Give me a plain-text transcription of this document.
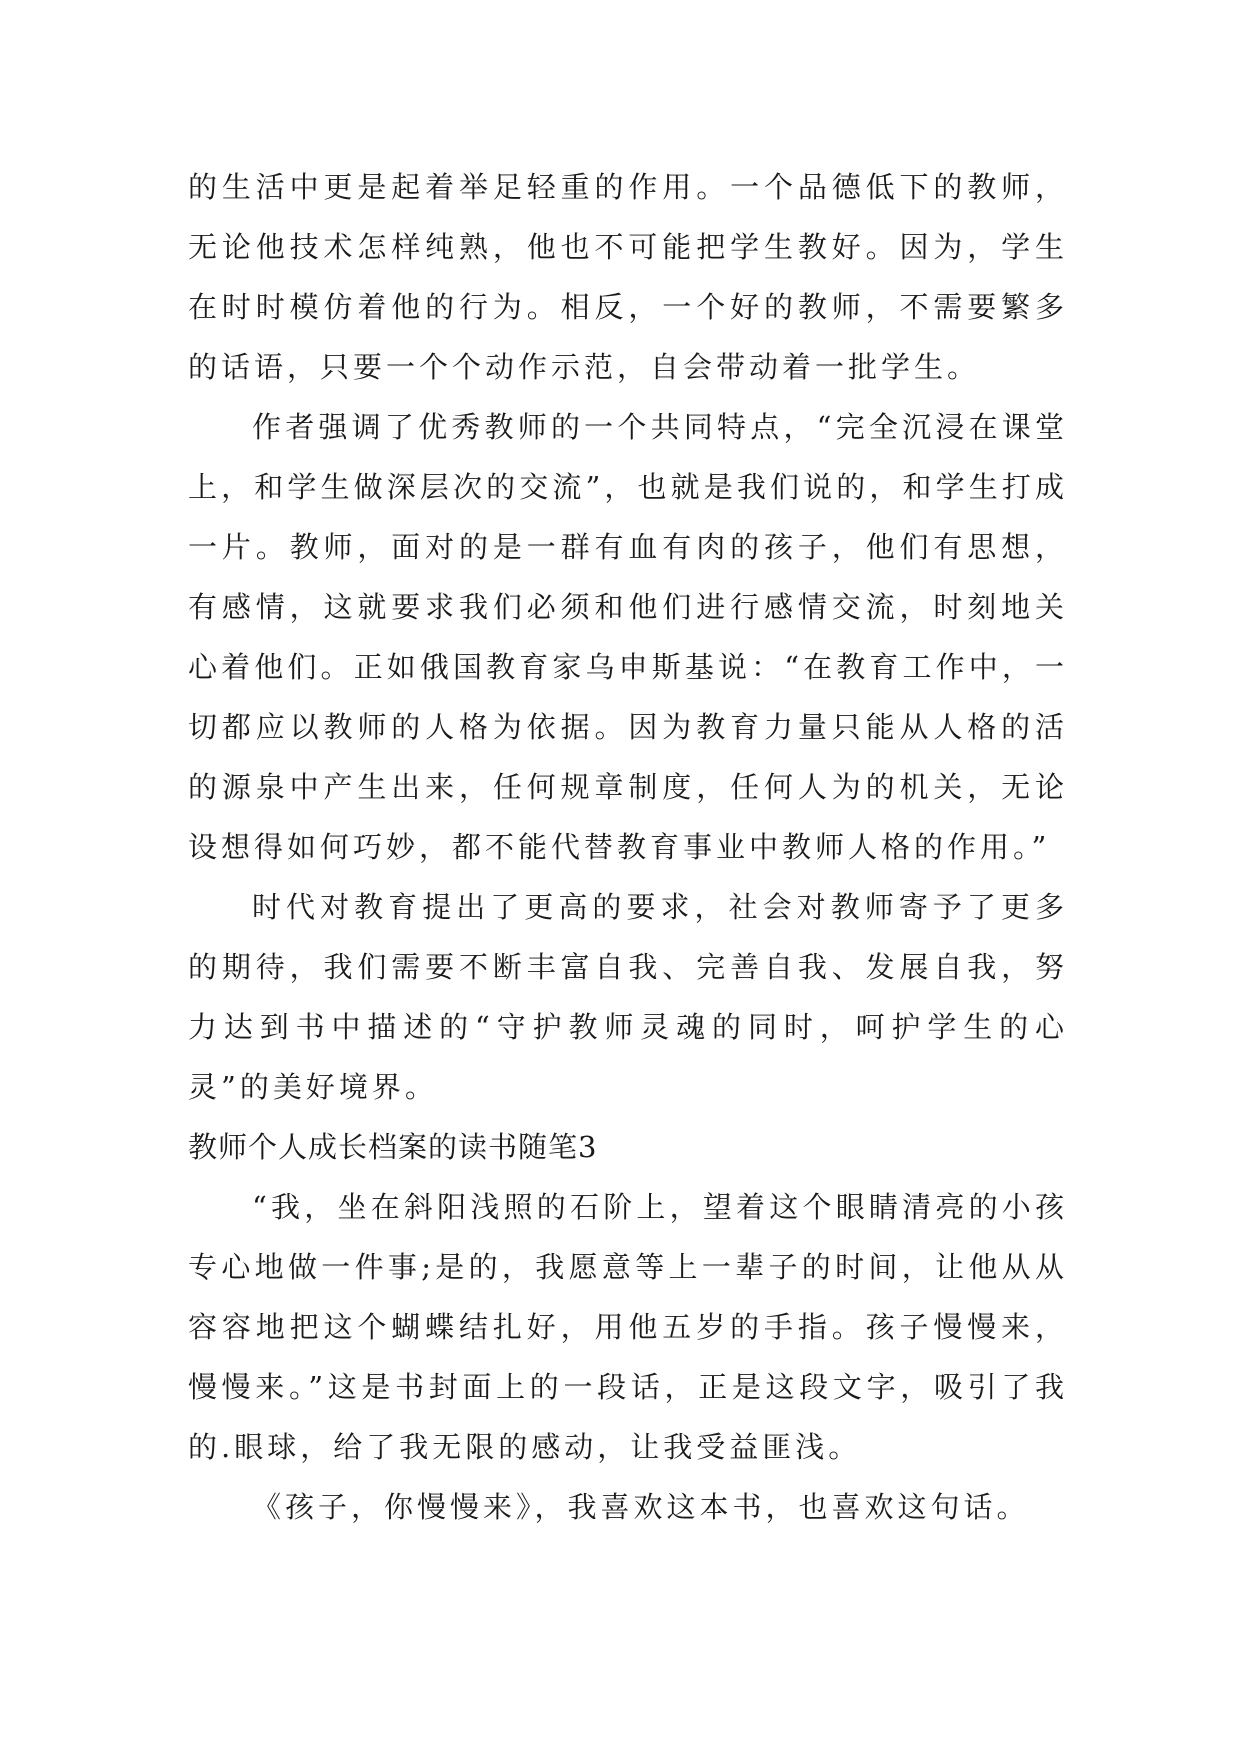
的生活中更是起着举足轻重的作用。一个品德低下的教师，无论他技术怎样纯熟，他也不可能把学生教好。因为，学生在时时模仿着他的行为。相反，一个好的教师，不需要繁多的话语，只要一个个动作示范，自会带动着一批学生。

作者强调了优秀教师的一个共同特点，“完全沉浸在课堂上，和学生做深层次的交流”，也就是我们说的，和学生打成一片。教师，面对的是一群有血有肉的孩子，他们有思想，有感情，这就要求我们必须和他们进行感情交流，时刻地关心着他们。正如俄国教育家乌申斯基说：“在教育工作中，一切都应以教师的人格为依据。因为教育力量只能从人格的活的源泉中产生出来，任何规章制度，任何人为的机关，无论设想得如何巧妙，都不能代替教育事业中教师人格的作用。”

时代对教育提出了更高的要求，社会对教师寄予了更多的期待，我们需要不断丰富自我、完善自我、发展自我，努力达到书中描述的“守护教师灵魂的同时，呵护学生的心灵”的美好境界。

教师个人成长档案的读书随笔3

“我，坐在斜阳浅照的石阶上，望着这个眼睛清亮的小孩专心地做一件事;是的，我愿意等上一辈子的时间，让他从从容容地把这个蝴蝶结扎好，用他五岁的手指。孩子慢慢来，慢慢来。”这是书封面上的一段话，正是这段文字，吸引了我的.眼球，给了我无限的感动，让我受益匪浅。

《孩子，你慢慢来》，我喜欢这本书，也喜欢这句话。
